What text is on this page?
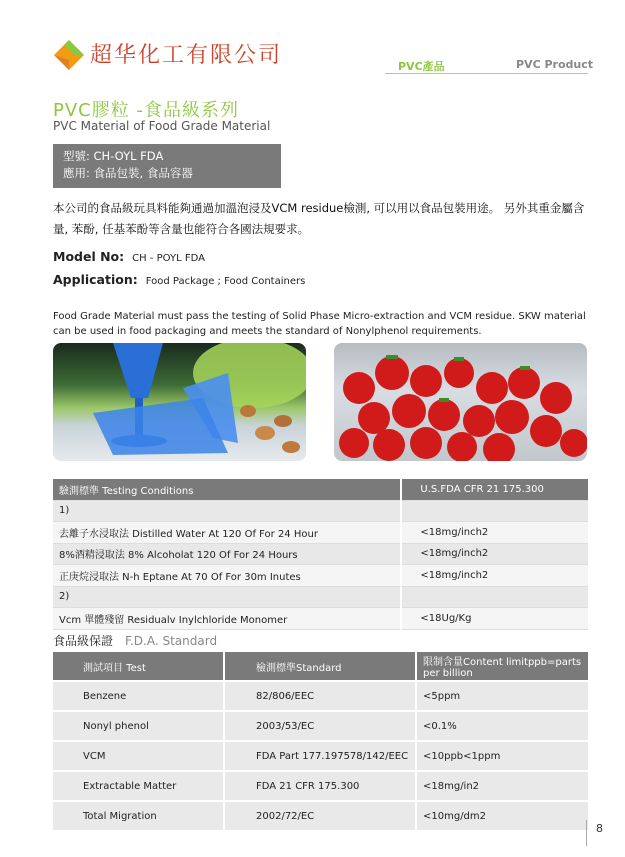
超华化工有限公司	PVC產品	PVC Product
PVC膠粒 -食品級系列
PVC Material of Food Grade Material
型號: CH-OYL FDA
應用: 食品包裝, 食品容器
本公司的食品級玩具料能夠通過加溫泡浸及VCM residue檢測, 可以用以食品包裝用途。 另外其重金屬含量, 苯酚, 任基苯酚等含量也能符合各國法規要求。
Model No: CH - POYL FDA
Application: Food Package ; Food Containers
Food Grade Material must pass the testing of Solid Phase Micro-extraction and VCM residue. SKW material can be used in food packaging and meets the standard of Nonylphenol requirements.
驗測標準 Testing Conditions	U.S.FDA CFR 21 175.300
1)	
去離子水浸取法 Distilled Water At 120 Of For 24 Hour	<18mg/inch2
8%酒精浸取法 8% Alcoholat 120 Of For 24 Hours	<18mg/inch2
正庚烷浸取法 N-h Eptane At 70 Of For 30m Inutes	<18mg/inch2
2)	
Vcm 單體殘留 Residualv Inylchloride Monomer	<18Ug/Kg
食品級保證 F.D.A. Standard
測試項目 Test	檢測標準Standard	限制含量Content limitppb=parts per billion
Benzene	82/806/EEC	<5ppm
Nonyl phenol	2003/53/EC	<0.1%
VCM	FDA Part 177.197578/142/EEC	<10ppb<1ppm
Extractable Matter	FDA 21 CFR 175.300	<18mg/in2
Total Migration	2002/72/EC	<10mg/dm2
8
